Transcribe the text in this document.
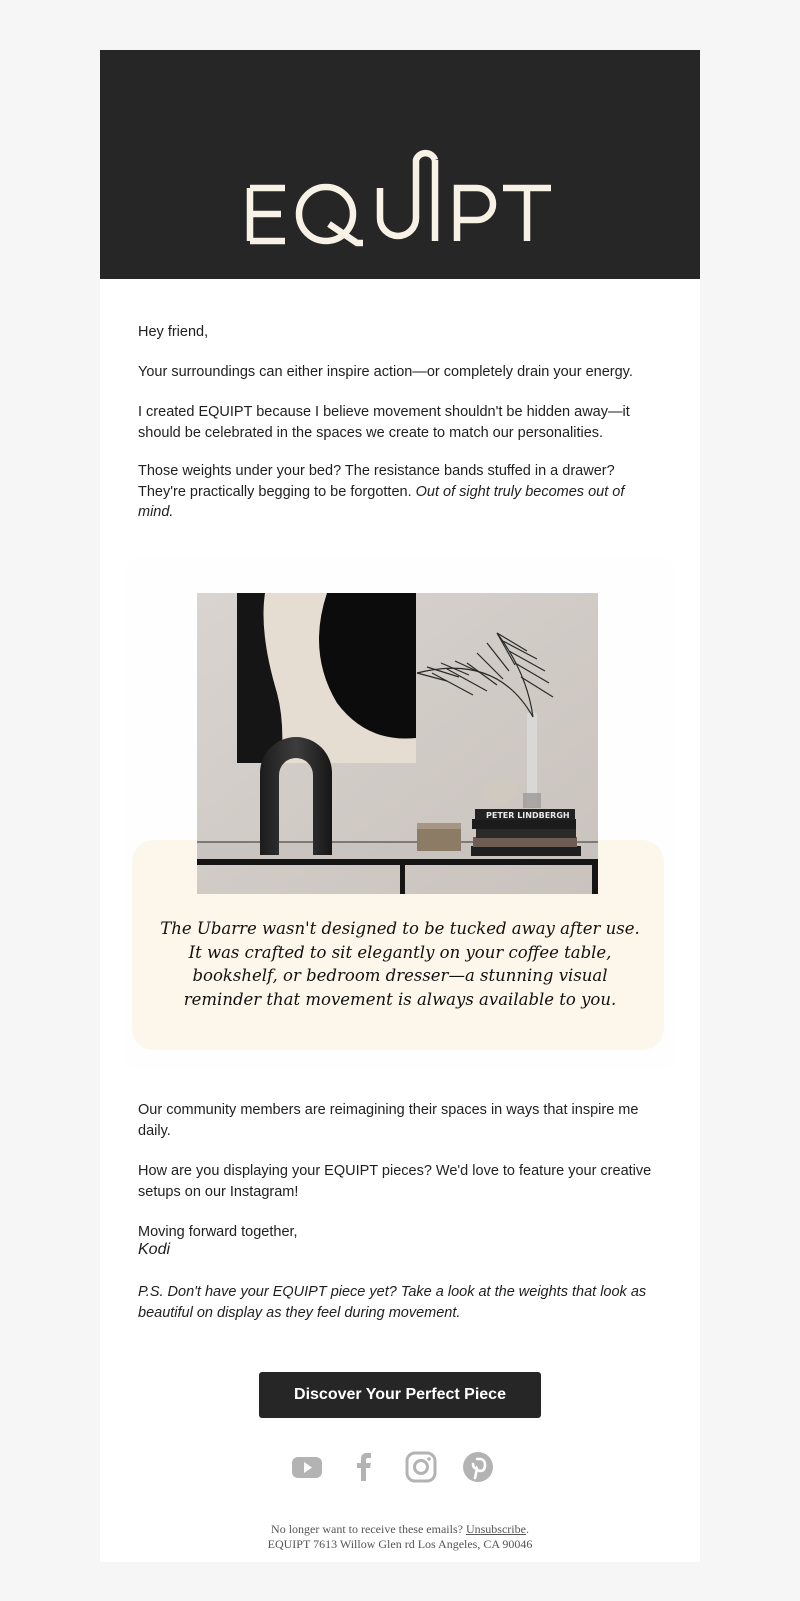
Hey friend,

Your surroundings can either inspire action—or completely drain your energy.

I created EQUIPT because I believe movement shouldn't be hidden away—it should be celebrated in the spaces we create to match our personalities.

Those weights under your bed? The resistance bands stuffed in a drawer? They're practically begging to be forgotten. Out of sight truly becomes out of mind.

PETER LINDBERGH

The Ubarre wasn't designed to be tucked away after use. It was crafted to sit elegantly on your coffee table, bookshelf, or bedroom dresser—a stunning visual reminder that movement is always available to you.

Our community members are reimagining their spaces in ways that inspire me daily.

How are you displaying your EQUIPT pieces? We'd love to feature your creative setups on our Instagram!

Moving forward together,

Kodi

P.S. Don't have your EQUIPT piece yet? Take a look at the weights that look as beautiful on display as they feel during movement.

Discover Your Perfect Piece
No longer want to receive these emails? Unsubscribe.
EQUIPT 7613 Willow Glen rd Los Angeles, CA 90046
